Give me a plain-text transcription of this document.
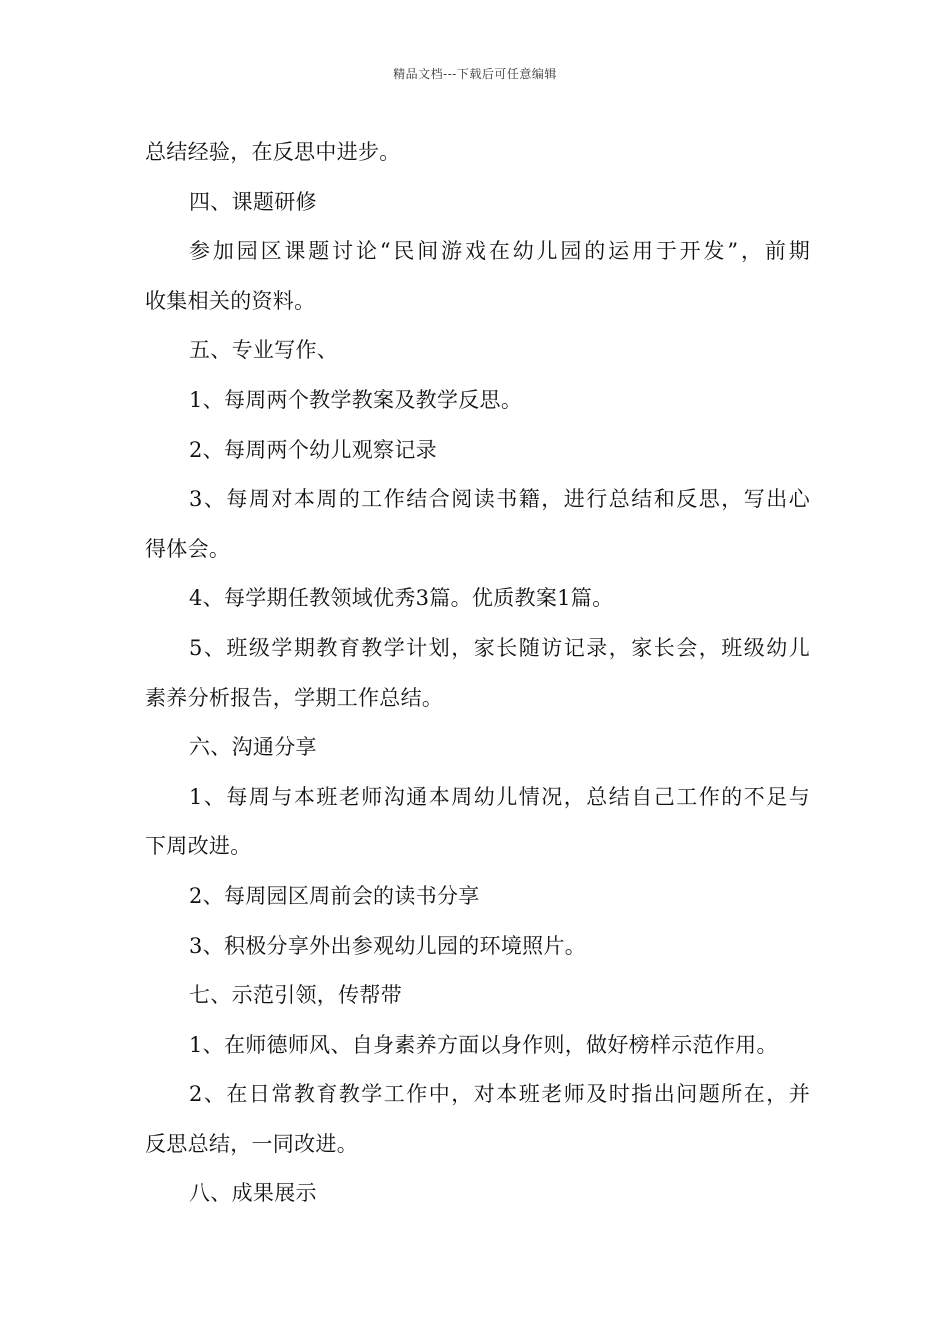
精品文档---下载后可任意编辑
总结经验，在反思中进步。
四、课题研修
参加园区课题讨论“民间游戏在幼儿园的运用于开发”，前期
收集相关的资料。
五、专业写作、
1、每周两个教学教案及教学反思。
2、每周两个幼儿观察记录
3、每周对本周的工作结合阅读书籍，进行总结和反思，写出心
得体会。
4、每学期任教领域优秀3篇。优质教案1篇。
5、班级学期教育教学计划，家长随访记录，家长会，班级幼儿
素养分析报告，学期工作总结。
六、沟通分享
1、每周与本班老师沟通本周幼儿情况，总结自己工作的不足与
下周改进。
2、每周园区周前会的读书分享
3、积极分享外出参观幼儿园的环境照片。
七、示范引领，传帮带
1、在师德师风、自身素养方面以身作则，做好榜样示范作用。
2、在日常教育教学工作中，对本班老师及时指出问题所在，并
反思总结，一同改进。
八、成果展示
